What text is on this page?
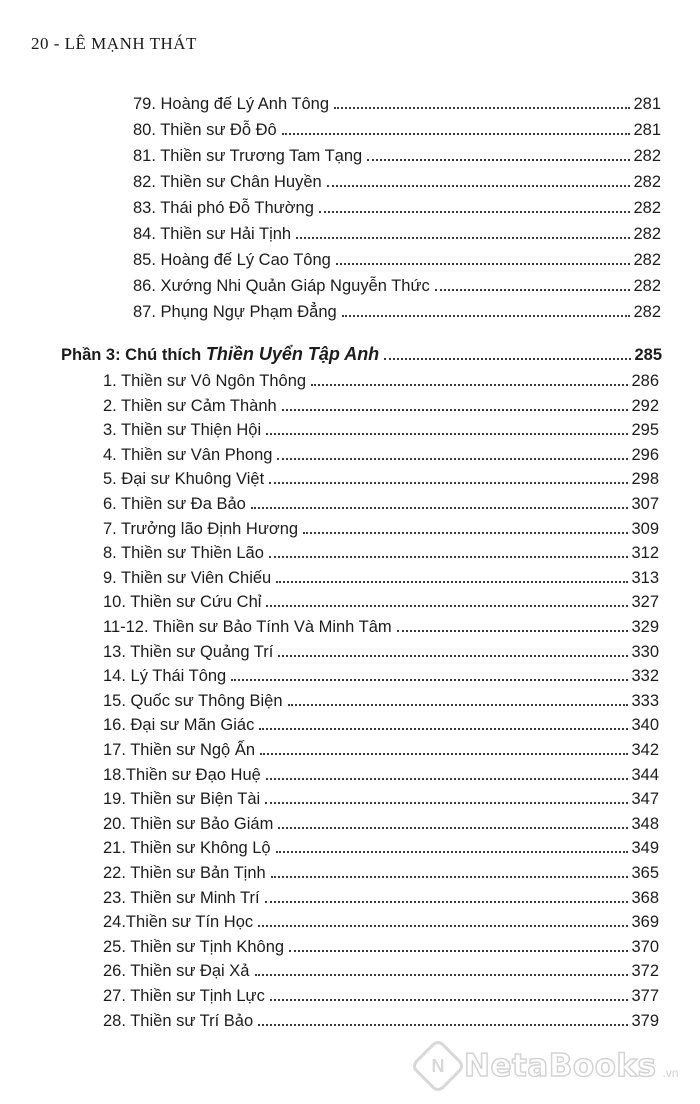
20 - LÊ MẠNH THÁT
Phần 3: Chú thích Thiền Uyển Tập Anh	285
79. Hoàng đế Lý Anh Tông	281
80. Thiền sư Đỗ Đô	281
81. Thiền sư Trương Tam Tạng	282
82. Thiền sư Chân Huyền	282
83. Thái phó Đỗ Thường	282
84. Thiền sư Hải Tịnh	282
85. Hoàng đế Lý Cao Tông	282
86. Xướng Nhi Quản Giáp Nguyễn Thức	282
87. Phụng Ngự Phạm Đẳng	282
1. Thiền sư Vô Ngôn Thông	286
2. Thiền sư Cảm Thành	292
3. Thiền sư Thiện Hội	295
4. Thiền sư Vân Phong	296
5. Đại sư Khuông Việt	298
6. Thiền sư Đa Bảo	307
7. Trưởng lão Định Hương	309
8. Thiền sư Thiền Lão	312
9. Thiền sư Viên Chiếu	313
10. Thiền sư Cứu Chỉ	327
11-12. Thiền sư Bảo Tính Và Minh Tâm	329
13. Thiền sư Quảng Trí	330
14. Lý Thái Tông	332
15. Quốc sư Thông Biện	333
16. Đại sư Mãn Giác	340
17. Thiền sư Ngộ Ấn	342
18.Thiền sư Đạo Huệ	344
19. Thiền sư Biện Tài	347
20. Thiền sư Bảo Giám	348
21. Thiền sư Không Lộ	349
22. Thiền sư Bản Tịnh	365
23. Thiền sư Minh Trí	368
24.Thiền sư Tín Học	369
25. Thiền sư Tịnh Không	370
26. Thiền sư Đại Xả	372
27. Thiền sư Tịnh Lực	377
28. Thiền sư Trí Bảo	379
N NetaBooks .vn
